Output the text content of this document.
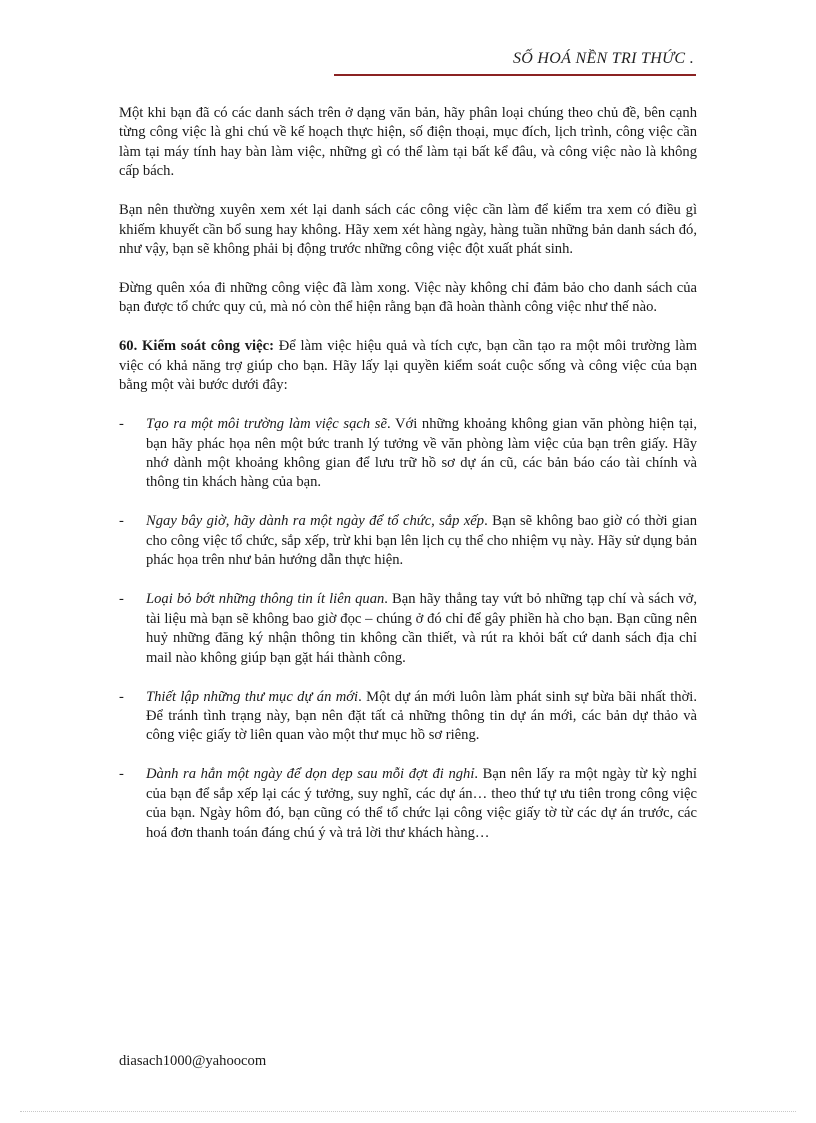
SỐ HOÁ NỀN TRI THỨC .

Một khi bạn đã có các danh sách trên ở dạng văn bản, hãy phân loại chúng theo chủ đề, bên cạnh từng công việc là ghi chú về kế hoạch thực hiện, số điện thoại, mục đích, lịch trình, công việc cần làm tại máy tính hay bàn làm việc, những gì có thể làm tại bất kể đâu, và công việc nào là không cấp bách.

Bạn nên thường xuyên xem xét lại danh sách các công việc cần làm để kiểm tra xem có điều gì khiếm khuyết cần bổ sung hay không. Hãy xem xét hàng ngày, hàng tuần những bản danh sách đó, như vậy, bạn sẽ không phải bị động trước những công việc đột xuất phát sinh.

Đừng quên xóa đi những công việc đã làm xong. Việc này không chỉ đảm bảo cho danh sách của bạn được tổ chức quy củ, mà nó còn thể hiện rằng bạn đã hoàn thành công việc như thế nào.

60. Kiểm soát công việc: Để làm việc hiệu quả và tích cực, bạn cần tạo ra một môi trường làm việc có khả năng trợ giúp cho bạn. Hãy lấy lại quyền kiểm soát cuộc sống và công việc của bạn bằng một vài bước dưới đây:

- Tạo ra một môi trường làm việc sạch sẽ. Với những khoảng không gian văn phòng hiện tại, bạn hãy phác họa nên một bức tranh lý tưởng về văn phòng làm việc của bạn trên giấy. Hãy nhớ dành một khoảng không gian để lưu trữ hồ sơ dự án cũ, các bản báo cáo tài chính và thông tin khách hàng của bạn.
- Ngay bây giờ, hãy dành ra một ngày để tổ chức, sắp xếp. Bạn sẽ không bao giờ có thời gian cho công việc tổ chức, sắp xếp, trừ khi bạn lên lịch cụ thể cho nhiệm vụ này. Hãy sử dụng bản phác họa trên như bản hướng dẫn thực hiện.
- Loại bỏ bớt những thông tin ít liên quan. Bạn hãy thẳng tay vứt bỏ những tạp chí và sách vở, tài liệu mà bạn sẽ không bao giờ đọc – chúng ở đó chỉ để gây phiền hà cho bạn. Bạn cũng nên huỷ những đăng ký nhận thông tin không cần thiết, và rút ra khỏi bất cứ danh sách địa chỉ mail nào không giúp bạn gặt hái thành công.
- Thiết lập những thư mục dự án mới. Một dự án mới luôn làm phát sinh sự bừa bãi nhất thời. Để tránh tình trạng này, bạn nên đặt tất cả những thông tin dự án mới, các bản dự thảo và công việc giấy tờ liên quan vào một thư mục hồ sơ riêng.
- Dành ra hẳn một ngày để dọn dẹp sau mỗi đợt đi nghỉ. Bạn nên lấy ra một ngày từ kỳ nghỉ của bạn để sắp xếp lại các ý tưởng, suy nghĩ, các dự án… theo thứ tự ưu tiên trong công việc của bạn. Ngày hôm đó, bạn cũng có thể tổ chức lại công việc giấy tờ từ các dự án trước, các hoá đơn thanh toán đáng chú ý và trả lời thư khách hàng…
diasach1000@yahoocom
